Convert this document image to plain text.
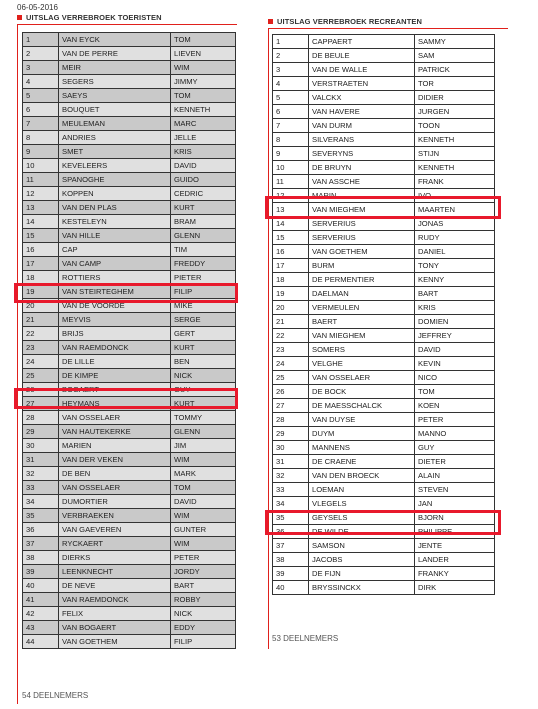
06-05-2016
UITSLAG VERREBROEK TOERISTEN
1	VAN EYCK	TOM
2	VAN DE PERRE	LIEVEN
3	MEIR	WIM
4	SEGERS	JIMMY
5	SAEYS	TOM
6	BOUQUET	KENNETH
7	MEULEMAN	MARC
8	ANDRIES	JELLE
9	SMET	KRIS
10	KEVELEERS	DAVID
11	SPANOGHE	GUIDO
12	KOPPEN	CEDRIC
13	VAN DEN PLAS	KURT
14	KESTELEYN	BRAM
15	VAN HILLE	GLENN
16	CAP	TIM
17	VAN CAMP	FREDDY
18	ROTTIERS	PIETER
19	VAN STEIRTEGHEM	FILIP
20	VAN DE VOORDE	MIKE
21	MEYVIS	SERGE
22	BRIJS	GERT
23	VAN RAEMDONCK	KURT
24	DE LILLE	BEN
25	DE KIMPE	NICK
26	BOGAERT	GUY
27	HEYMANS	KURT
28	VAN OSSELAER	TOMMY
29	VAN HAUTEKERKE	GLENN
30	MARIEN	JIM
31	VAN DER VEKEN	WIM
32	DE BEN	MARK
33	VAN OSSELAER	TOM
34	DUMORTIER	DAVID
35	VERBRAEKEN	WIM
36	VAN GAEVEREN	GUNTER
37	RYCKAERT	WIM
38	DIERKS	PETER
39	LEENKNECHT	JORDY
40	DE NEVE	BART
41	VAN RAEMDONCK	ROBBY
42	FELIX	NICK
43	VAN BOGAERT	EDDY
44	VAN GOETHEM	FILIP
54 DEELNEMERS
UITSLAG VERREBROEK RECREANTEN
1	CAPPAERT	SAMMY
2	DE BEULE	SAM
3	VAN DE WALLE	PATRICK
4	VERSTRAETEN	TOR
5	VALCKX	DIDIER
6	VAN HAVERE	JURGEN
7	VAN DURM	TOON
8	SILVERANS	KENNETH
9	SEVERYNS	STIJN
10	DE BRUYN	KENNETH
11	VAN ASSCHE	FRANK
12	MARIN	IVO
13	VAN MIEGHEM	MAARTEN
14	SERVERIUS	JONAS
15	SERVERIUS	RUDY
16	VAN GOETHEM	DANIEL
17	BURM	TONY
18	DE PERMENTIER	KENNY
19	DAELMAN	BART
20	VERMEULEN	KRIS
21	BAERT	DOMIEN
22	VAN MIEGHEM	JEFFREY
23	SOMERS	DAVID
24	VELGHE	KEVIN
25	VAN OSSELAER	NICO
26	DE BOCK	TOM
27	DE MAESSCHALCK	KOEN
28	VAN DUYSE	PETER
29	DUYM	MANNO
30	MANNENS	GUY
31	DE CRAENE	DIETER
32	VAN DEN BROECK	ALAIN
33	LOEMAN	STEVEN
34	VLEGELS	JAN
35	GEYSELS	BJORN
36	DE WILDE	PHILIPPE
37	SAMSON	JENTE
38	JACOBS	LANDER
39	DE FIJN	FRANKY
40	BRYSSINCKX	DIRK
53 DEELNEMERS
